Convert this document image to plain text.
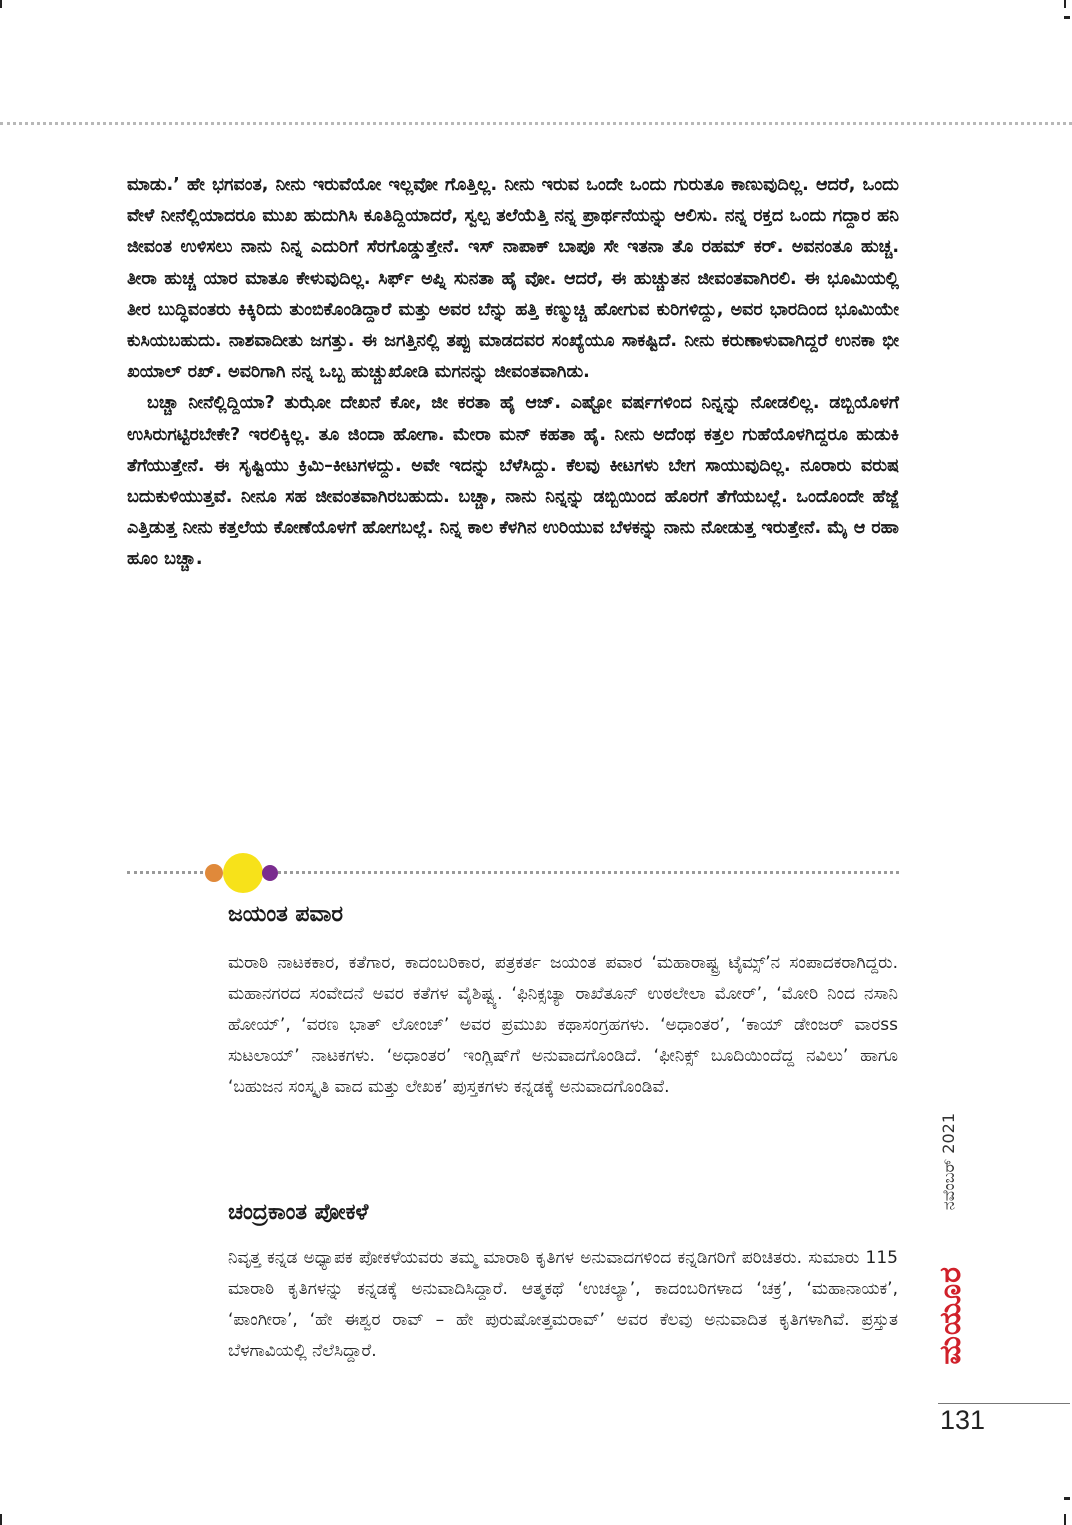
ಮಾಡು.’ ಹೇ ಭಗವಂತ, ನೀನು ಇರುವೆಯೋ ಇಲ್ಲವೋ ಗೊತ್ತಿಲ್ಲ. ನೀನು ಇರುವ ಒಂದೇ ಒಂದು ಗುರುತೂ ಕಾಣುವುದಿಲ್ಲ. ಆದರೆ, ಒಂದು ವೇಳೆ ನೀನೆಲ್ಲಿಯಾದರೂ ಮುಖ ಹುದುಗಿಸಿ ಕೂತಿದ್ದಿಯಾದರೆ, ಸ್ವಲ್ಪ ತಲೆಯೆತ್ತಿ ನನ್ನ ಪ್ರಾರ್ಥನೆಯನ್ನು ಆಲಿಸು. ನನ್ನ ರಕ್ತದ ಒಂದು ಗದ್ದಾರ ಹನಿ ಜೀವಂತ ಉಳಿಸಲು ನಾನು ನಿನ್ನ ಎದುರಿಗೆ ಸೆರಗೊಡ್ಡುತ್ತೇನೆ. ಇಸ್ ನಾಪಾಕ್ ಬಾಪೂ ಸೇ ಇತನಾ ತೊ ರಹಮ್ ಕರ್. ಅವನಂತೂ ಹುಚ್ಚ. ತೀರಾ ಹುಚ್ಚ ಯಾರ ಮಾತೂ ಕೇಳುವುದಿಲ್ಲ. ಸಿರ್ಫ್ ಅಪ್ನಿ ಸುನತಾ ಹೈ ವೋ. ಆದರೆ, ಈ ಹುಚ್ಚುತನ ಜೀವಂತವಾಗಿರಲಿ. ಈ ಭೂಮಿಯಲ್ಲಿ ತೀರ ಬುದ್ಧಿವಂತರು ಕಿಕ್ಕಿರಿದು ತುಂಬಿಕೊಂಡಿದ್ದಾರೆ ಮತ್ತು ಅವರ ಬೆನ್ನು ಹತ್ತಿ ಕಣ್ಮುಚ್ಚಿ ಹೋಗುವ ಕುರಿಗಳಿದ್ದು, ಅವರ ಭಾರದಿಂದ ಭೂಮಿಯೇ ಕುಸಿಯಬಹುದು. ನಾಶವಾದೀತು ಜಗತ್ತು. ಈ ಜಗತ್ತಿನಲ್ಲಿ ತಪ್ಪು ಮಾಡದವರ ಸಂಖ್ಯೆಯೂ ಸಾಕಷ್ಟಿದೆ. ನೀನು ಕರುಣಾಳುವಾಗಿದ್ದರೆ ಉನಕಾ ಭೀ ಖಯಾಲ್ ರಖ್. ಅವರಿಗಾಗಿ ನನ್ನ ಒಬ್ಬ ಹುಚ್ಚುಖೋಡಿ ಮಗನನ್ನು ಜೀವಂತವಾಗಿಡು.

ಬಚ್ಚಾ ನೀನೆಲ್ಲಿದ್ದಿಯಾ? ತುಝೋ ದೇಖನೆ ಕೋ, ಜೀ ಕರತಾ ಹೈ ಆಜ್. ಎಷ್ಟೋ ವರ್ಷಗಳಿಂದ ನಿನ್ನನ್ನು ನೋಡಲಿಲ್ಲ. ಡಬ್ಬಿಯೊಳಗೆ ಉಸಿರುಗಟ್ಟಿರಬೇಕೇ? ಇರಲಿಕ್ಕಿಲ್ಲ. ತೂ ಜಿಂದಾ ಹೋಗಾ. ಮೇರಾ ಮನ್ ಕಹತಾ ಹೈ. ನೀನು ಅದೆಂಥ ಕತ್ತಲ ಗುಹೆಯೊಳಗಿದ್ದರೂ ಹುಡುಕಿ ತೆಗೆಯುತ್ತೇನೆ. ಈ ಸೃಷ್ಟಿಯು ಕ್ರಿಮಿ–ಕೀಟಗಳದ್ದು. ಅವೇ ಇದನ್ನು ಬೆಳೆಸಿದ್ದು. ಕೆಲವು ಕೀಟಗಳು ಬೇಗ ಸಾಯುವುದಿಲ್ಲ. ನೂರಾರು ವರುಷ ಬದುಕುಳಿಯುತ್ತವೆ. ನೀನೂ ಸಹ ಜೀವಂತವಾಗಿರಬಹುದು. ಬಚ್ಚಾ, ನಾನು ನಿನ್ನನ್ನು ಡಬ್ಬಿಯಿಂದ ಹೊರಗೆ ತೆಗೆಯಬಲ್ಲೆ. ಒಂದೊಂದೇ ಹೆಜ್ಜೆ ಎತ್ತಿಡುತ್ತ ನೀನು ಕತ್ತಲೆಯ ಕೋಣೆಯೊಳಗೆ ಹೋಗಬಲ್ಲೆ. ನಿನ್ನ ಕಾಲ ಕೆಳಗಿನ ಉರಿಯುವ ಬೆಳಕನ್ನು ನಾನು ನೋಡುತ್ತ ಇರುತ್ತೇನೆ. ಮೈ ಆ ರಹಾ ಹೂಂ ಬಚ್ಚಾ.

ಜಯಂತ ಪವಾರ

ಮರಾಠಿ ನಾಟಕಕಾರ, ಕತೆಗಾರ, ಕಾದಂಬರಿಕಾರ, ಪತ್ರಕರ್ತ ಜಯಂತ ಪವಾರ ‘ಮಹಾರಾಷ್ಟ್ರ ಟೈಮ್ಸ್’ನ ಸಂಪಾದಕರಾಗಿದ್ದರು. ಮಹಾನಗರದ ಸಂವೇದನೆ ಅವರ ಕತೆಗಳ ವೈಶಿಷ್ಟ್ಯ. ‘ಫಿನಿಕ್ಸಚ್ಯಾ ರಾಖೆತೂನ್ ಉಠಲೇಲಾ ಮೋರ್’, ‘ಮೋರಿ ನಿಂದ ನಸಾನಿ ಹೋಯ್’, ‘ವರಣ ಭಾತ್ ಲೋಂಚ್’ ಅವರ ಪ್ರಮುಖ ಕಥಾಸಂಗ್ರಹಗಳು. ‘ಅಧಾಂತರ’, ‘ಕಾಯ್ ಡೇಂಜರ್ ವಾರss ಸುಟಲಾಯ್’ ನಾಟಕಗಳು. ‘ಅಧಾಂತರ’ ಇಂಗ್ಲಿಷ್‌ಗೆ ಅನುವಾದಗೊಂಡಿದೆ. ‘ಫೀನಿಕ್ಸ್ ಬೂದಿಯಿಂದೆದ್ದ ನವಿಲು’ ಹಾಗೂ ‘ಬಹುಜನ ಸಂಸ್ಕೃತಿ ವಾದ ಮತ್ತು ಲೇಖಕ’ ಪುಸ್ತಕಗಳು ಕನ್ನಡಕ್ಕೆ ಅನುವಾದಗೊಂಡಿವೆ.

ಚಂದ್ರಕಾಂತ ಪೋಕಳೆ

ನಿವೃತ್ತ ಕನ್ನಡ ಅಧ್ಯಾಪಕ ಪೋಕಳೆಯವರು ತಮ್ಮ ಮಾರಾಠಿ ಕೃತಿಗಳ ಅನುವಾದಗಳಿಂದ ಕನ್ನಡಿಗರಿಗೆ ಪರಿಚಿತರು. ಸುಮಾರು 115 ಮಾರಾಠಿ ಕೃತಿಗಳನ್ನು ಕನ್ನಡಕ್ಕೆ ಅನುವಾದಿಸಿದ್ದಾರೆ. ಆತ್ಮಕಥೆ ‘ಉಚಲ್ಯಾ’, ಕಾದಂಬರಿಗಳಾದ ‘ಚಕ್ರ’, ‘ಮಹಾನಾಯಕ’, ‘ಪಾಂಗೀರಾ’, ‘ಹೇ ಈಶ್ವರ ರಾವ್ – ಹೇ ಪುರುಷೋತ್ತಮರಾವ್’ ಅವರ ಕೆಲವು ಅನುವಾದಿತ ಕೃತಿಗಳಾಗಿವೆ. ಪ್ರಸ್ತುತ ಬೆಳಗಾವಿಯಲ್ಲಿ ನೆಲೆಸಿದ್ದಾರೆ.

ನವೆಂಬರ್ 2021
ಮಯೂರ
131
